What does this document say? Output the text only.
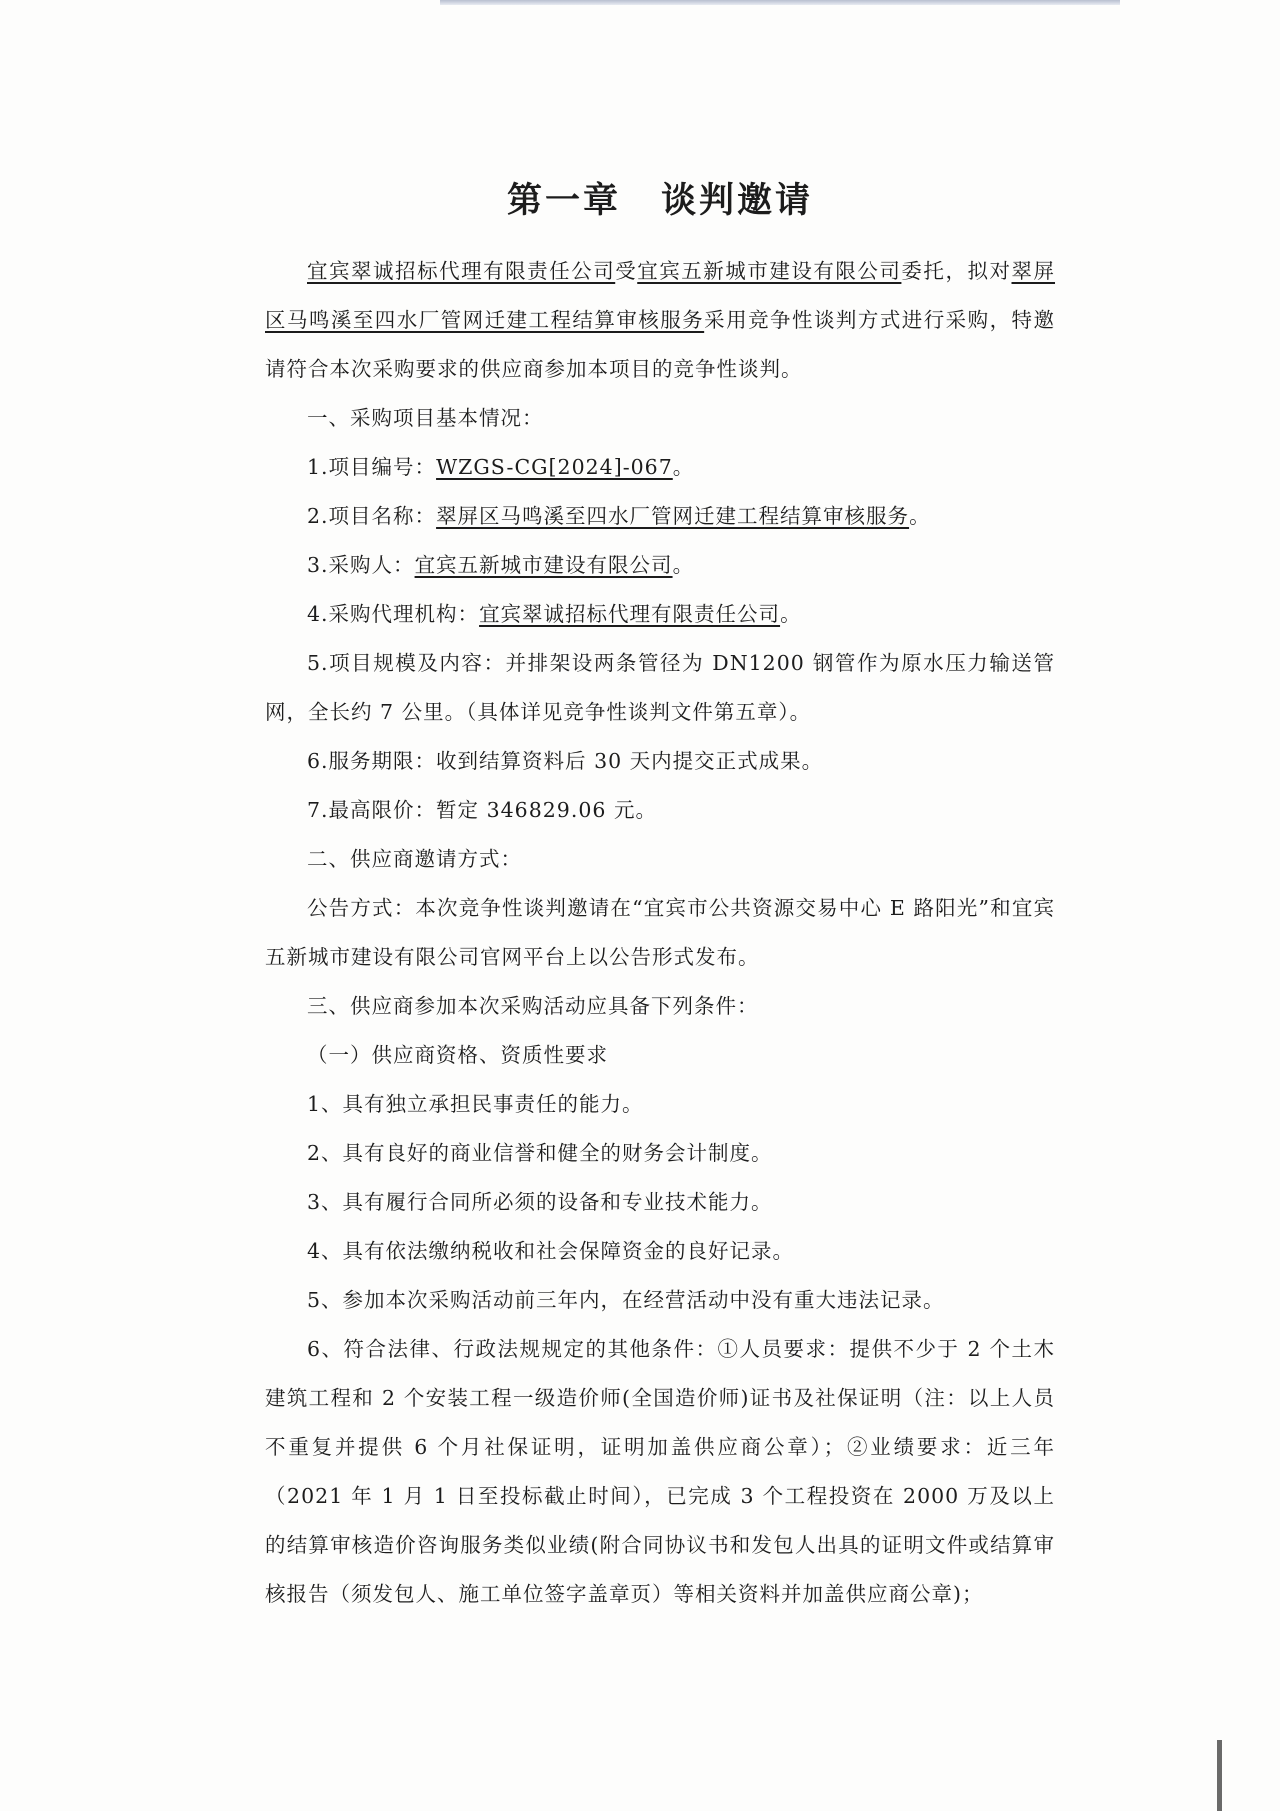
第一章 谈判邀请

宜宾翠诚招标代理有限责任公司受宜宾五新城市建设有限公司委托，拟对翠屏区马鸣溪至四水厂管网迁建工程结算审核服务采用竞争性谈判方式进行采购，特邀请符合本次采购要求的供应商参加本项目的竞争性谈判。

一、采购项目基本情况：

1.项目编号：WZGS-CG[2024]-067。

2.项目名称：翠屏区马鸣溪至四水厂管网迁建工程结算审核服务。

3.采购人：宜宾五新城市建设有限公司。

4.采购代理机构：宜宾翠诚招标代理有限责任公司。

5.项目规模及内容：并排架设两条管径为 DN1200 钢管作为原水压力输送管网，全长约 7 公里。（具体详见竞争性谈判文件第五章）。

6.服务期限：收到结算资料后 30 天内提交正式成果。

7.最高限价：暂定 346829.06 元。

二、供应商邀请方式：

公告方式：本次竞争性谈判邀请在“宜宾市公共资源交易中心 E 路阳光”和宜宾五新城市建设有限公司官网平台上以公告形式发布。

三、供应商参加本次采购活动应具备下列条件：

（一）供应商资格、资质性要求

1、具有独立承担民事责任的能力。

2、具有良好的商业信誉和健全的财务会计制度。

3、具有履行合同所必须的设备和专业技术能力。

4、具有依法缴纳税收和社会保障资金的良好记录。

5、参加本次采购活动前三年内，在经营活动中没有重大违法记录。

6、符合法律、行政法规规定的其他条件：①人员要求：提供不少于 2 个土木建筑工程和 2 个安装工程一级造价师(全国造价师)证书及社保证明（注：以上人员不重复并提供 6 个月社保证明，证明加盖供应商公章）；②业绩要求：近三年（2021 年 1 月 1 日至投标截止时间），已完成 3 个工程投资在 2000 万及以上的结算审核造价咨询服务类似业绩(附合同协议书和发包人出具的证明文件或结算审核报告（须发包人、施工单位签字盖章页）等相关资料并加盖供应商公章)；
